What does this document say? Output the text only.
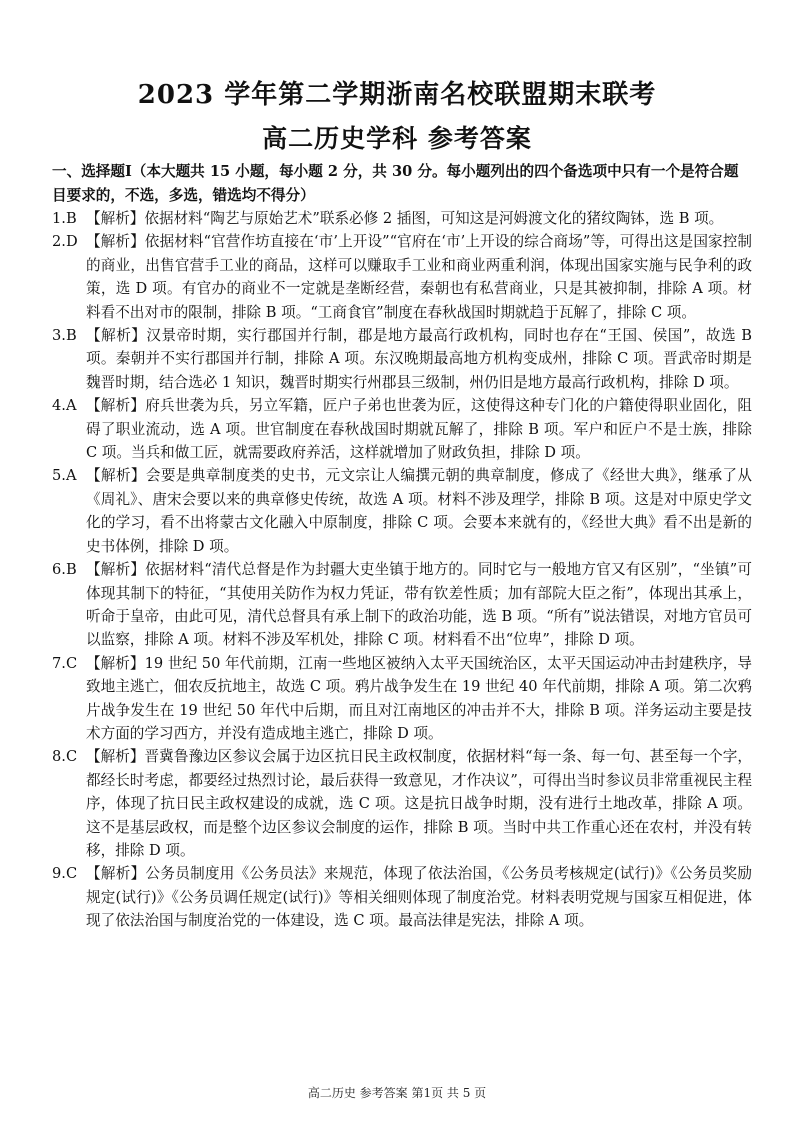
2023 学年第二学期浙南名校联盟期末联考
高二历史学科 参考答案
一、选择题Ⅰ（本大题共 15 小题，每小题 2 分，共 30 分。每小题列出的四个备选项中只有一个是符合题目要求的，不选，多选，错选均不得分）
1.B 【解析】依据材料“陶艺与原始艺术”联系必修 2 插图，可知这是河姆渡文化的猪纹陶钵，选 B 项。
2.D 【解析】依据材料“官营作坊直接在‘市’上开设”“官府在‘市’上开设的综合商场”等，可得出这是国家控制的商业，出售官营手工业的商品，这样可以赚取手工业和商业两重利润，体现出国家实施与民争利的政策，选 D 项。有官办的商业不一定就是垄断经营，秦朝也有私营商业，只是其被抑制，排除 A 项。材料看不出对市的限制，排除 B 项。“工商食官”制度在春秋战国时期就趋于瓦解了，排除 C 项。
3.B 【解析】汉景帝时期，实行郡国并行制，郡是地方最高行政机构，同时也存在“王国、侯国”，故选 B 项。秦朝并不实行郡国并行制，排除 A 项。东汉晚期最高地方机构变成州，排除 C 项。晋武帝时期是魏晋时期，结合选必 1 知识，魏晋时期实行州郡县三级制，州仍旧是地方最高行政机构，排除 D 项。
4.A 【解析】府兵世袭为兵，另立军籍，匠户子弟也世袭为匠，这使得这种专门化的户籍使得职业固化，阻碍了职业流动，选 A 项。世官制度在春秋战国时期就瓦解了，排除 B 项。军户和匠户不是士族，排除 C 项。当兵和做工匠，就需要政府养活，这样就增加了财政负担，排除 D 项。
5.A 【解析】会要是典章制度类的史书，元文宗让人编撰元朝的典章制度，修成了《经世大典》，继承了从《周礼》、唐宋会要以来的典章修史传统，故选 A 项。材料不涉及理学，排除 B 项。这是对中原史学文化的学习，看不出将蒙古文化融入中原制度，排除 C 项。会要本来就有的，《经世大典》看不出是新的史书体例，排除 D 项。
6.B 【解析】依据材料“清代总督是作为封疆大吏坐镇于地方的。同时它与一般地方官又有区别”，“坐镇”可体现其制下的特征，“其使用关防作为权力凭证，带有钦差性质；加有部院大臣之衔”，体现出其承上，听命于皇帝，由此可见，清代总督具有承上制下的政治功能，选 B 项。“所有”说法错误，对地方官员可以监察，排除 A 项。材料不涉及军机处，排除 C 项。材料看不出“位卑”，排除 D 项。
7.C 【解析】19 世纪 50 年代前期，江南一些地区被纳入太平天国统治区，太平天国运动冲击封建秩序，导致地主逃亡，佃农反抗地主，故选 C 项。鸦片战争发生在 19 世纪 40 年代前期，排除 A 项。第二次鸦片战争发生在 19 世纪 50 年代中后期，而且对江南地区的冲击并不大，排除 B 项。洋务运动主要是技术方面的学习西方，并没有造成地主逃亡，排除 D 项。
8.C 【解析】晋冀鲁豫边区参议会属于边区抗日民主政权制度，依据材料“每一条、每一句、甚至每一个字，都经长时考虑，都要经过热烈讨论，最后获得一致意见，才作决议”，可得出当时参议员非常重视民主程序，体现了抗日民主政权建设的成就，选 C 项。这是抗日战争时期，没有进行土地改革，排除 A 项。这不是基层政权，而是整个边区参议会制度的运作，排除 B 项。当时中共工作重心还在农村，并没有转移，排除 D 项。
9.C 【解析】公务员制度用《公务员法》来规范，体现了依法治国，《公务员考核规定(试行)》《公务员奖励规定(试行)》《公务员调任规定(试行)》等相关细则体现了制度治党。材料表明党规与国家互相促进，体现了依法治国与制度治党的一体建设，选 C 项。最高法律是宪法，排除 A 项。
高二历史 参考答案 第1页 共 5 页
